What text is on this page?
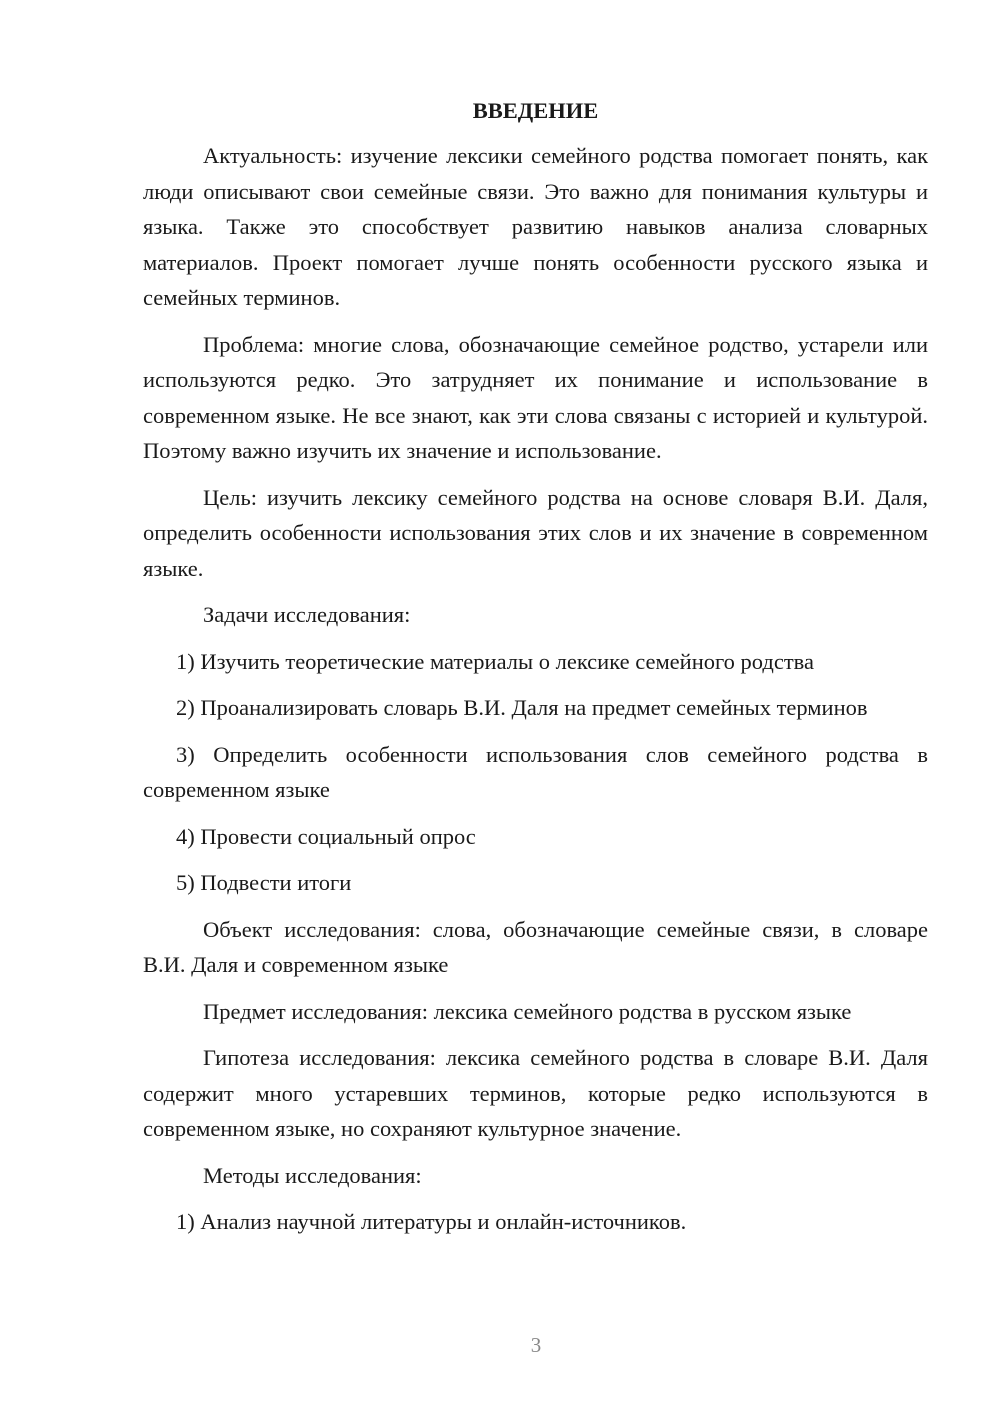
ВВЕДЕНИЕ
Актуальность: изучение лексики семейного родства помогает понять, как люди описывают свои семейные связи. Это важно для понимания культуры и языка. Также это способствует развитию навыков анализа словарных материалов. Проект помогает лучше понять особенности русского языка и семейных терминов.
Проблема: многие слова, обозначающие семейное родство, устарели или используются редко. Это затрудняет их понимание и использование в современном языке. Не все знают, как эти слова связаны с историей и культурой. Поэтому важно изучить их значение и использование.
Цель: изучить лексику семейного родства на основе словаря В.И. Даля, определить особенности использования этих слов и их значение в современном языке.
Задачи исследования:
1) Изучить теоретические материалы о лексике семейного родства
2) Проанализировать словарь В.И. Даля на предмет семейных терминов
3) Определить особенности использования слов семейного родства в современном языке
4) Провести социальный опрос
5) Подвести итоги
Объект исследования: слова, обозначающие семейные связи, в словаре В.И. Даля и современном языке
Предмет исследования: лексика семейного родства в русском языке
Гипотеза исследования: лексика семейного родства в словаре В.И. Даля содержит много устаревших терминов, которые редко используются в современном языке, но сохраняют культурное значение.
Методы исследования:
1) Анализ научной литературы и онлайн-источников.
3
